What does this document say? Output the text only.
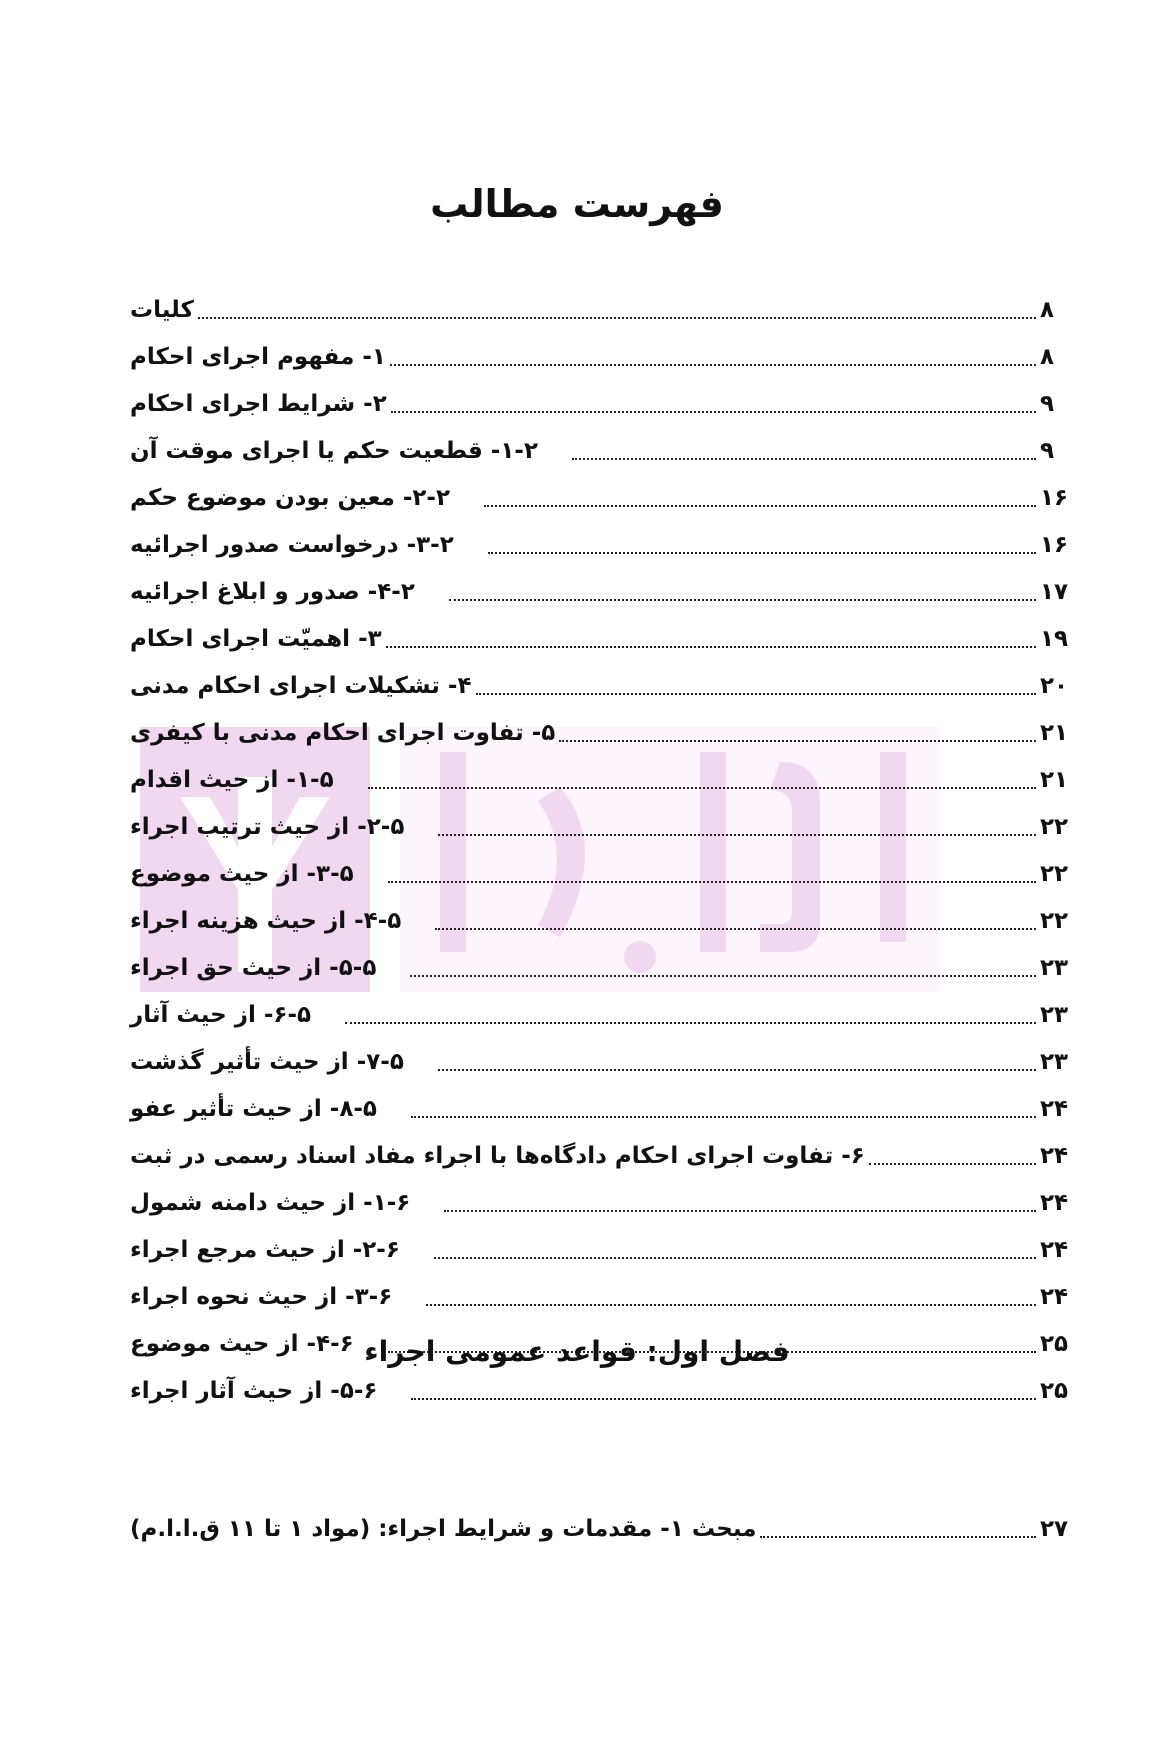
فهرست مطالب
کلیات	۸
۱- مفهوم اجرای احکام	۸
۲- شرایط اجرای احکام	۹
۱-۲- قطعیت حکم یا اجرای موقت آن	۹
۲-۲- معین بودن موضوع حکم	۱۶
۳-۲- درخواست صدور اجرائیه	۱۶
۴-۲- صدور و ابلاغ اجرائیه	۱۷
۳- اهمیّت اجرای احکام	۱۹
۴- تشکیلات اجرای احکام مدنی	۲۰
۵- تفاوت اجرای احکام مدنی با کیفری	۲۱
۱-۵- از حیث اقدام	۲۱
۲-۵- از حیث ترتیب اجراء	۲۲
۳-۵- از حیث موضوع	۲۲
۴-۵- از حیث هزینه اجراء	۲۲
۵-۵- از حیث حق اجراء	۲۳
۶-۵- از حیث آثار	۲۳
۷-۵- از حیث تأثیر گذشت	۲۳
۸-۵- از حیث تأثیر عفو	۲۴
۶- تفاوت اجرای احکام دادگاه‌ها با اجراء مفاد اسناد رسمی در ثبت	۲۴
۱-۶- از حیث دامنه شمول	۲۴
۲-۶- از حیث مرجع اجراء	۲۴
۳-۶- از حیث نحوه اجراء	۲۴
۴-۶- از حیث موضوع	۲۵
۵-۶- از حیث آثار اجراء	۲۵
فصل اول: قواعد عمومی اجراء
مبحث ۱- مقدمات و شرایط اجراء: (مواد ۱ تا ۱۱ ق.ا.ا.م)	۲۷
